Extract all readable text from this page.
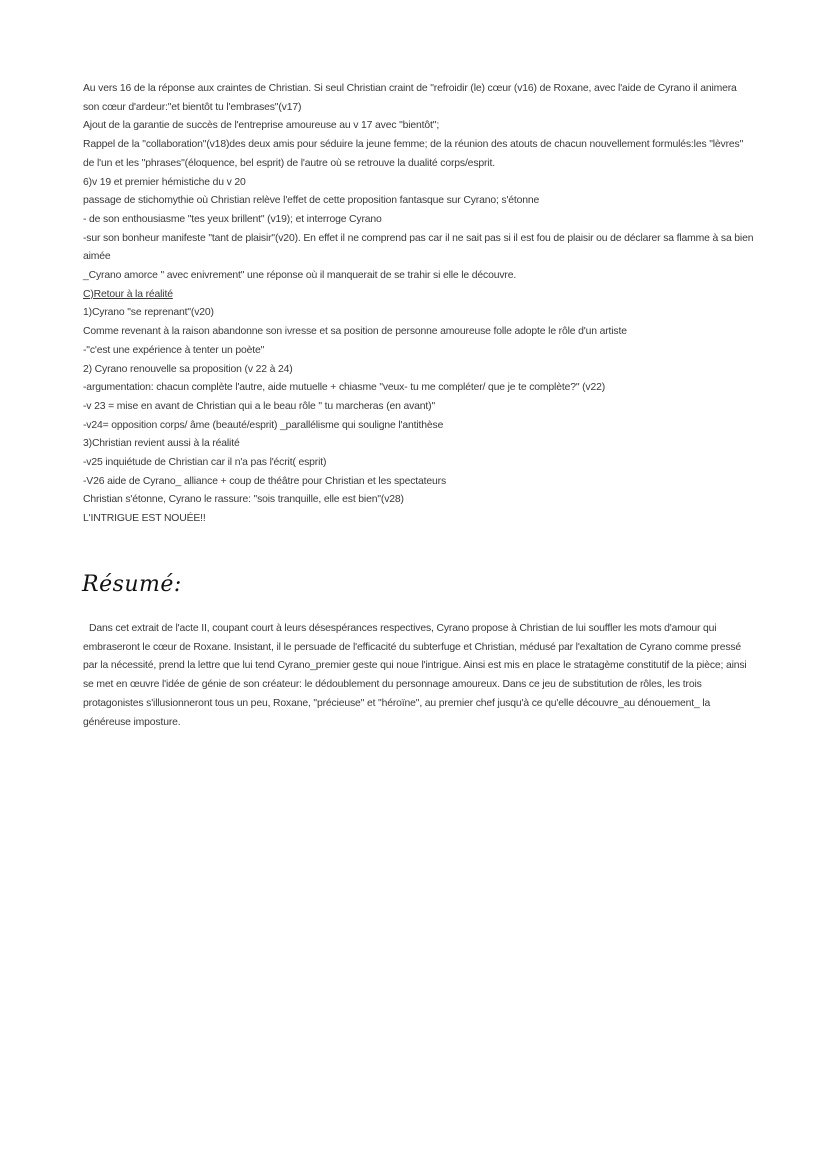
Au vers 16 de la réponse aux craintes de Christian. Si seul Christian craint de "refroidir (le) cœur (v16) de Roxane, avec l'aide de Cyrano il animera son cœur d'ardeur:"et bientôt tu l'embrases"(v17)
Ajout de la garantie de succès de l'entreprise amoureuse au v 17 avec "bientôt";
Rappel de la "collaboration"(v18)des deux amis pour séduire la jeune femme; de la réunion des atouts de chacun nouvellement formulés:les "lèvres" de l'un et les "phrases"(éloquence, bel esprit) de l'autre où se retrouve la dualité corps/esprit.
6)v 19 et premier hémistiche du v 20
passage de stichomythie où Christian relève l'effet de cette proposition fantasque sur Cyrano; s'étonne
- de son enthousiasme "tes yeux brillent" (v19); et interroge Cyrano
-sur son bonheur manifeste "tant de plaisir"(v20). En effet il ne comprend pas car il ne sait pas si il est fou de plaisir ou de déclarer sa flamme à sa bien aimée
_Cyrano amorce " avec enivrement" une réponse où il manquerait de se trahir si elle le découvre.
C)Retour à la réalité
1)Cyrano "se reprenant"(v20)
Comme revenant à la raison abandonne son ivresse et sa position de personne amoureuse folle adopte le rôle d'un artiste
-"c'est une expérience à tenter un poète"
2) Cyrano renouvelle sa proposition (v 22 à 24)
-argumentation: chacun complète l'autre, aide mutuelle + chiasme "veux- tu me compléter/ que je te complète?" (v22)
-v 23 = mise en avant de Christian qui a le beau rôle " tu marcheras (en avant)"
-v24= opposition corps/ âme (beauté/esprit) _parallélisme qui souligne l'antithèse
3)Christian revient aussi à la réalité
-v25 inquiétude de Christian car il n'a pas l'écrit( esprit)
-V26 aide de Cyrano_ alliance + coup de théâtre pour Christian et les spectateurs
Christian s'étonne, Cyrano le rassure: "sois tranquille, elle est bien"(v28)
L'INTRIGUE EST NOUÉE!!
Résumé:
Dans cet extrait de l'acte II, coupant court à leurs désespérances respectives, Cyrano propose à Christian de lui souffler les mots d'amour qui embraseront le cœur de Roxane. Insistant, il le persuade de l'efficacité du subterfuge et Christian, médusé par l'exaltation de Cyrano comme pressé par la nécessité, prend la lettre que lui tend Cyrano_premier geste qui noue l'intrigue. Ainsi est mis en place le stratagème constitutif de la pièce; ainsi se met en œuvre l'idée de génie de son créateur: le dédoublement du personnage amoureux. Dans ce jeu de substitution de rôles, les trois protagonistes s'illusionneront tous un peu, Roxane, "précieuse" et "héroïne", au premier chef jusqu'à ce qu'elle découvre_au dénouement_ la généreuse imposture.
